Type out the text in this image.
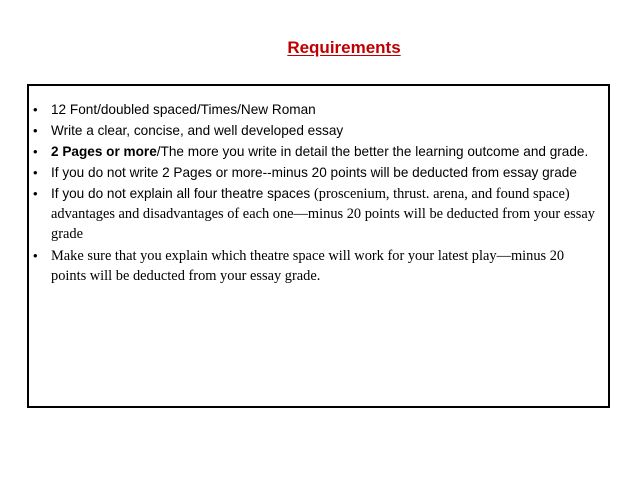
Requirements
• 12 Font/doubled spaced/Times/New Roman
• Write a clear, concise, and well developed essay
• 2 Pages or more/The more you write in detail the better the learning outcome and grade.
• If you do not write 2 Pages or more--minus 20 points will be deducted from essay grade
• If you do not explain all four theatre spaces (proscenium, thrust. arena, and found space) advantages and disadvantages of each one—minus 20 points will be deducted from your essay grade
• Make sure that you explain which theatre space will work for your latest play—minus 20 points will be deducted from your essay grade.
